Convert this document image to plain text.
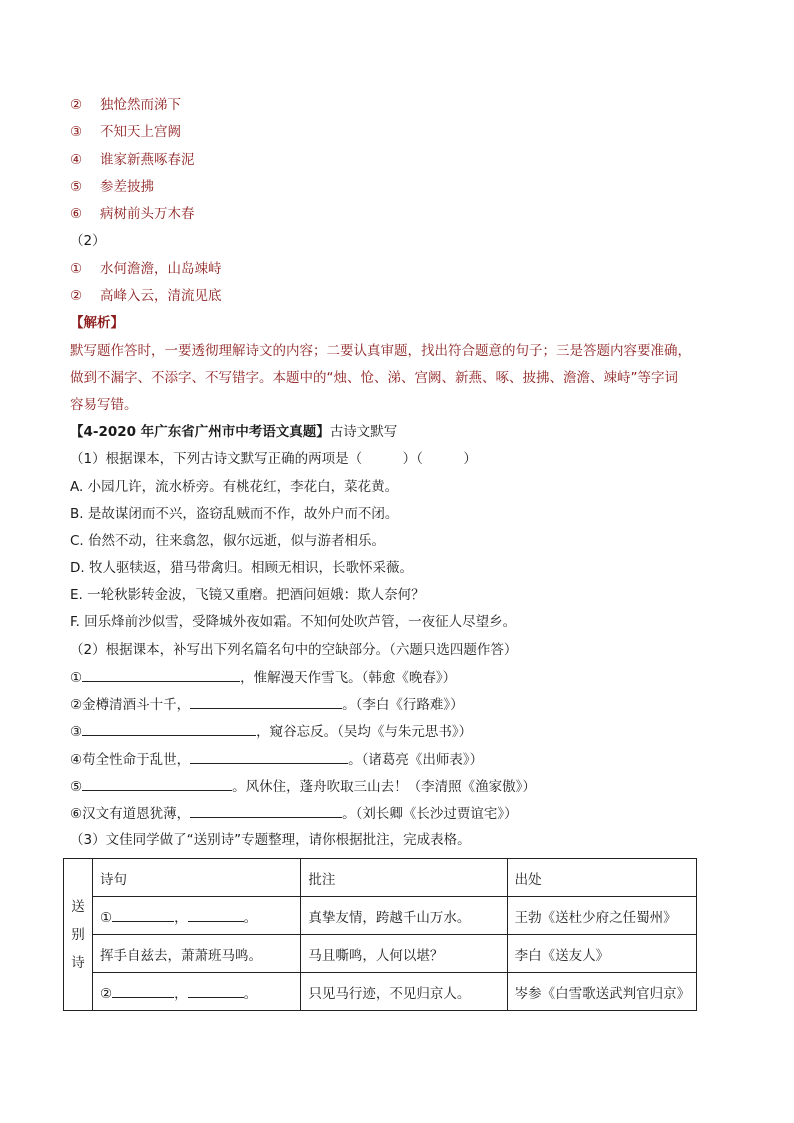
② 独怆然而涕下
③ 不知天上宫阙
④ 谁家新燕啄春泥
⑤ 参差披拂
⑥ 病树前头万木春
（2）
① 水何澹澹，山岛竦峙
② 高峰入云，清流见底
【解析】
默写题作答时，一要透彻理解诗文的内容；二要认真审题，找出符合题意的句子；三是答题内容要准确，
做到不漏字、不添字、不写错字。本题中的“烛、怆、涕、宫阙、新燕、啄、披拂、澹澹、竦峙”等字词
容易写错。
【4-2020 年广东省广州市中考语文真题】古诗文默写
（1）根据课本，下列古诗文默写正确的两项是（　　　）（　　　）
A. 小园几许，流水桥旁。有桃花红，李花白，菜花黄。
B. 是故谋闭而不兴，盗窃乱贼而不作，故外户而不闭。
C. 佁然不动，往来翕忽，俶尔远逝，似与游者相乐。
D. 牧人驱犊返，猎马带禽归。相顾无相识，长歌怀采薇。
E. 一轮秋影转金波，飞镜又重磨。把酒问姮娥：欺人奈何？
F. 回乐烽前沙似雪，受降城外夜如霜。不知何处吹芦管，一夜征人尽望乡。
（2）根据课本，补写出下列名篇名句中的空缺部分。（六题只选四题作答）
①	，惟解漫天作雪飞。（韩愈《晚春》）
②金樽清酒斗十千，	。（李白《行路难》）
③	，窥谷忘反。（吴均《与朱元思书》）
④苟全性命于乱世，	。（诸葛亮《出师表》）
⑤	。风休住，蓬舟吹取三山去！（李清照《渔家傲》）
⑥汉文有道恩犹薄，	。（刘长卿《长沙过贾谊宅》）
（3）文佳同学做了“送别诗”专题整理，请你根据批注，完成表格。
送
别
诗	诗句	批注	出处
	① ， 。	真挚友情，跨越千山万水。	王勃《送杜少府之任蜀州》
	挥手自兹去，萧萧班马鸣。	马且嘶鸣，人何以堪？	李白《送友人》
	② ， 。	只见马行迹，不见归京人。	岑参《白雪歌送武判官归京》
